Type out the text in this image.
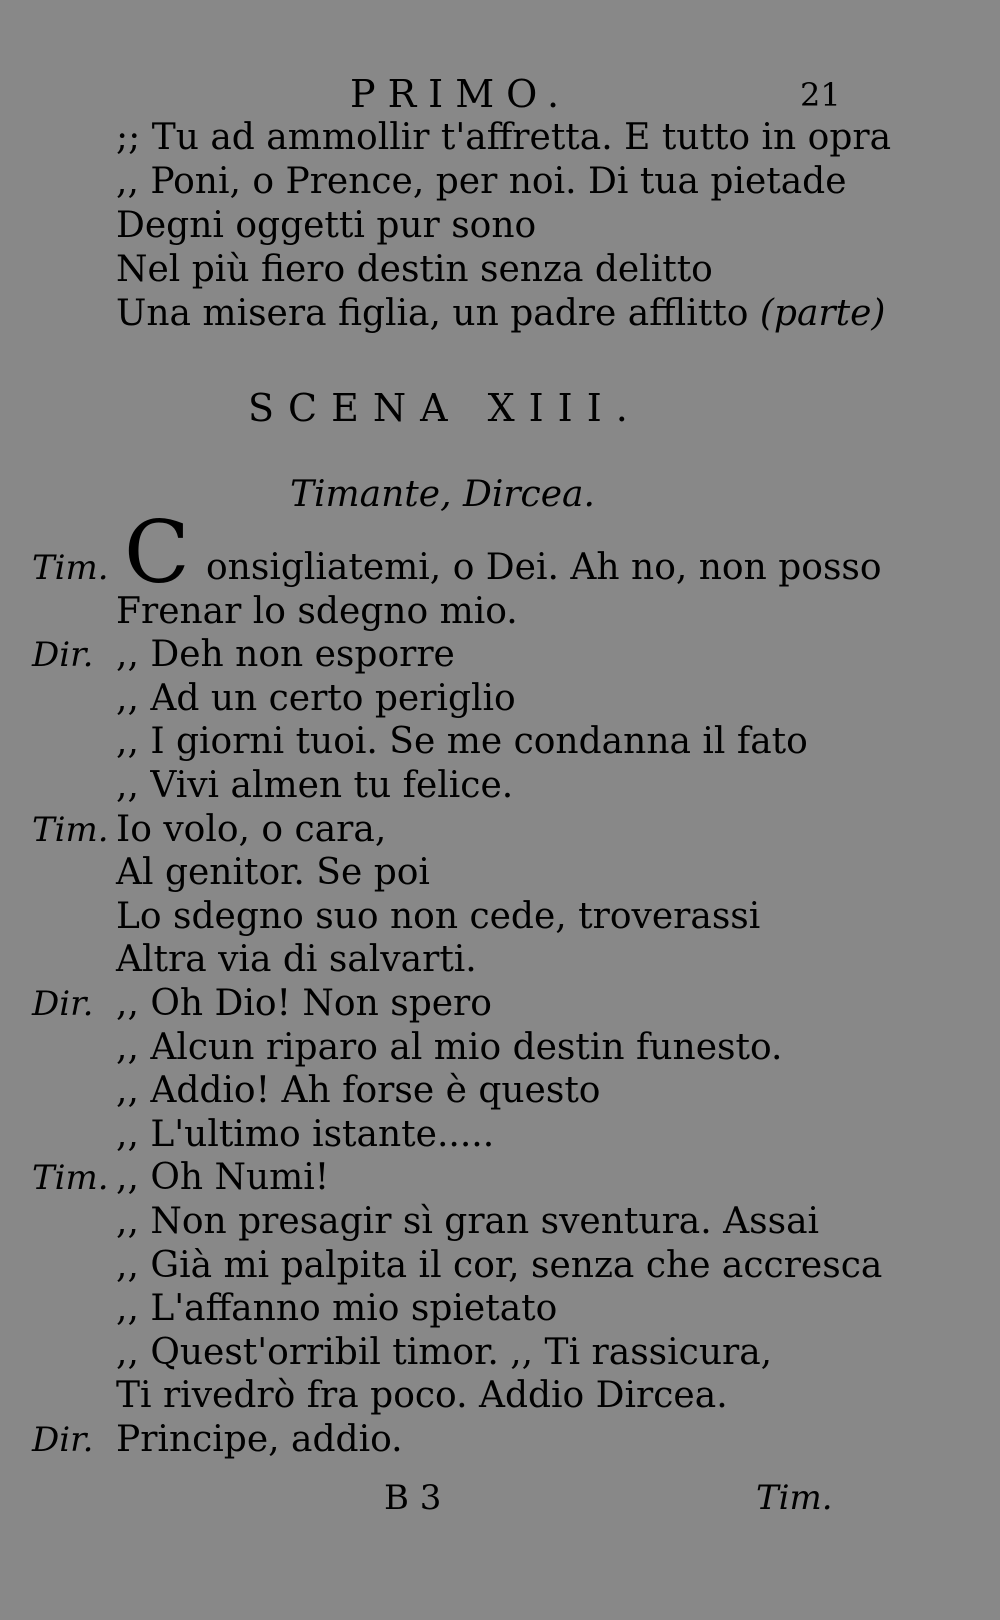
PRIMO.	21
;; Tu ad ammollir t'affretta. E tutto in opra
,, Poni, o Prence, per noi. Di tua pietade
Degni oggetti pur sono
Nel più fiero destin senza delitto
Una misera figlia, un padre afflitto (parte)
SCENA XIII.
Timante, Dircea.
C
Tim.	onsigliatemi, o Dei. Ah no, non posso
Frenar lo sdegno mio.
Dir. ,, Deh non esporre
,, Ad un certo periglio
,, I giorni tuoi. Se me condanna il fato
,, Vivi almen tu felice.
Tim. Io volo, o cara,
Al genitor. Se poi
Lo sdegno suo non cede, troverassi
Altra via di salvarti.
Dir. ,, Oh Dio! Non spero
,, Alcun riparo al mio destin funesto.
,, Addio! Ah forse è questo
,, L'ultimo istante.....
Tim. ,, Oh Numi!
,, Non presagir sì gran sventura. Assai
,, Già mi palpita il cor, senza che accresca
,, L'affanno mio spietato
,, Quest'orribil timor. ,, Ti rassicura,
Ti rivedrò fra poco. Addio Dircea.
Dir. Principe, addio.
B 3	Tim.
